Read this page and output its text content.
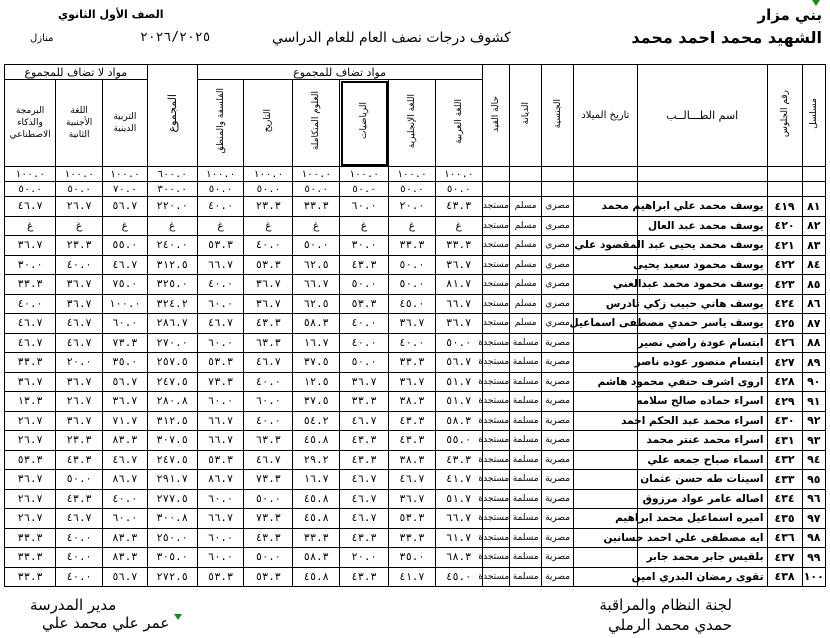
بني مزار
الشهيد محمد احمد محمد
كشوف درجات نصف العام للعام الدراسي
٢٠٢٦/٢٠٢٥
الصف الأول الثانوي
منازل
مسلسل	رقم الجلوس	اسم الطـــالــب	تاريخ الميلاد	الجنسية	الديانة	حالة القيد	مواد تضاف للمجموع						المجموع	مواد لا تضاف للمجموع		
							اللغة العربية	اللغة الإنجليزية	الرياضيات	العلوم المتكاملة	التاريخ	الفلسفة والمنطق		التربية الدينية	اللغة الأجنبية الثانية	البرمجة والذكاء الاصطناعي
							١٠٠.٠	١٠٠.٠	١٠٠.٠	١٠٠.٠	١٠٠.٠	١٠٠.٠	٦٠٠.٠	١٠٠.٠	١٠٠.٠	١٠٠.٠
							٥٠.٠	٥٠.٠	٥٠.٠	٥٠.٠	٥٠.٠	٥٠.٠	٣٠٠.٠	٧٠.٠	٥٠.٠	٥٠.٠
٨١	٤١٩	يوسف محمد علي ابراهيم محمد		مصري	مسلم	مستجد	٤٣.٣	٢٠.٠	٦٠.٠	٣٣.٣	٢٣.٣	٤٠.٠	٢٢٠.٠	٥٦.٧	٢٦.٧	٤٦.٧
٨٢	٤٢٠	يوسف محمد عبد العال		مصري	مسلم	مستجد	غ	غ	غ	غ	غ	غ	غ	غ	غ	غ
٨٣	٤٢١	يوسف محمد يحيى عبد المقصود علي		مصري	مسلم	مستجد	٣٣.٣	٣٣.٣	٣٠.٠	٥٠.٠	٤٠.٠	٥٣.٣	٢٤٠.٠	٥٥.٠	٢٣.٣	٣٦.٧
٨٤	٤٢٢	يوسف محمود سعيد يحيى		مصري	مسلم	مستجد	٣٦.٧	٥٠.٠	٤٣.٣	٦٢.٥	٥٣.٣	٦٦.٧	٣١٢.٥	٤٦.٧	٤٠.٠	٣٠.٠
٨٥	٤٢٣	يوسف محمود محمد عبدالغني		مصري	مسلم	مستجد	٨١.٧	٥٠.٠	٥٠.٠	٦٦.٧	٣٦.٧	٤٠.٠	٣٢٥.٠	٧٥.٠	٣٦.٧	٣٣.٣
٨٦	٤٢٤	يوسف هاني حبيب زكي تادرس		مصري	مسلم	مستجد	٦٦.٧	٤٥.٠	٥٣.٣	٦٢.٥	٣٦.٧	٦٠.٠	٣٢٤.٢	١٠٠.٠	٣٦.٧	٤٠.٠
٨٧	٤٢٥	يوسف ياسر حمدي مصطفى اسماعيل		مصري	مسلم	مستجد	٣٦.٧	٣٦.٧	٤٠.٠	٥٨.٣	٤٣.٣	٤٦.٧	٢٨٦.٧	٦٠.٠	٤٦.٧	٤٦.٧
٨٨	٤٢٦	ابتسام عودة راضي نصير		مصرية	مسلمة	مستجدة	٥٠.٠	٤٠.٠	٤٠.٠	١٦.٧	٦٣.٣	٦٠.٠	٢٧٠.٠	٧٣.٣	٤٦.٧	٤٦.٧
٨٩	٤٢٧	ابتسام منصور عوده ناصر		مصرية	مسلمة	مستجدة	٥٦.٧	٣٣.٣	٥٠.٠	٣٧.٥	٤٦.٧	٥٣.٣	٢٥٧.٥	٣٥.٠	٢٠.٠	٣٣.٣
٩٠	٤٢٨	اروى اشرف حنفي محمود هاشم		مصرية	مسلمة	مستجدة	٥١.٧	٣٦.٧	٣٦.٧	١٢.٥	٤٠.٠	٧٣.٣	٢٤٧.٥	٥٦.٧	٣٦.٧	٣٦.٧
٩١	٤٢٩	اسراء حماده صالح سلامه		مصرية	مسلمة	مستجدة	٥١.٧	٣٨.٣	٣٣.٣	٣٧.٥	٦٠.٠	٦٠.٠	٢٨٠.٨	٣٦.٧	٢٦.٧	١٣.٣
٩٢	٤٣٠	اسراء محمد عبد الحكم احمد		مصرية	مسلمة	مستجدة	٥٨.٣	٤٣.٣	٤٦.٧	٥٤.٢	٤٠.٠	٦٦.٧	٣١٢.٥	٧١.٧	٣٦.٧	٢٦.٧
٩٣	٤٣١	اسراء محمد عنتر محمد		مصرية	مسلمة	مستجدة	٥٥.٠	٤٣.٣	٤٣.٣	٤٥.٨	٦٣.٣	٦٦.٧	٣٠٧.٥	٨٣.٣	٢٣.٣	٢٦.٧
٩٤	٤٣٢	اسماء صباح جمعه علي		مصرية	مسلمة	مستجدة	٤٣.٣	٣٨.٣	٤٣.٣	٢٩.٢	٤٦.٧	٥٣.٣	٢٤٧.٥	٤٦.٧	٤٣.٣	٥٣.٣
٩٥	٤٣٣	اسينات طه حسن عثمان		مصرية	مسلمة	مستجدة	٤١.٧	٤٦.٧	٤٦.٧	١٦.٧	٧٣.٣	٨٦.٧	٢٩١.٧	٨٦.٧	٥٠.٠	٣٦.٧
٩٦	٤٣٤	اصاله عامر عواد مرزوق		مصرية	مسلمة	مستجدة	٥١.٧	٣٦.٧	٤٦.٧	٤٥.٨	٥٠.٠	٦٠.٠	٢٧٧.٥	٤٠.٠	٤٣.٣	٢٦.٧
٩٧	٤٣٥	اميره اسماعيل محمد ابراهيم		مصرية	مسلمة	مستجدة	٦٦.٧	٥٣.٣	٤٦.٧	٤٥.٨	٧٣.٣	٦٦.٧	٣٠٠.٨	٦٠.٠	٤٦.٧	٢٦.٧
٩٨	٤٣٦	ايه مصطفى علي احمد حسانين		مصرية	مسلمة	مستجدة	٦١.٧	٣٣.٣	٤٣.٣	٣٣.٣	٤٣.٣	٦٠.٠	٢٥٠.٠	٨٣.٣	٤٠.٠	٣٣.٣
٩٩	٤٣٧	بلقيس جابر محمد جابر		مصرية	مسلمة	مستجدة	٦٨.٣	٣٥.٠	٢٠.٠	٥٨.٣	٥٠.٠	٦٠.٠	٣٠٥.٠	٨٣.٣	٤٠.٠	٣٣.٣
١٠٠	٤٣٨	تقوى رمضان البدري امين		مصرية	مسلمة	مستجدة	٤٥.٠	٤١.٧	٤٣.٣	٤٥.٨	٥٣.٣	٥٣.٣	٢٧٢.٥	٥٦.٧	٤٠.٠	٣٣.٣
لجنة النظام والمراقبة
حمدي محمد الرملي
مدير المدرسة
عمر علي محمد علي
